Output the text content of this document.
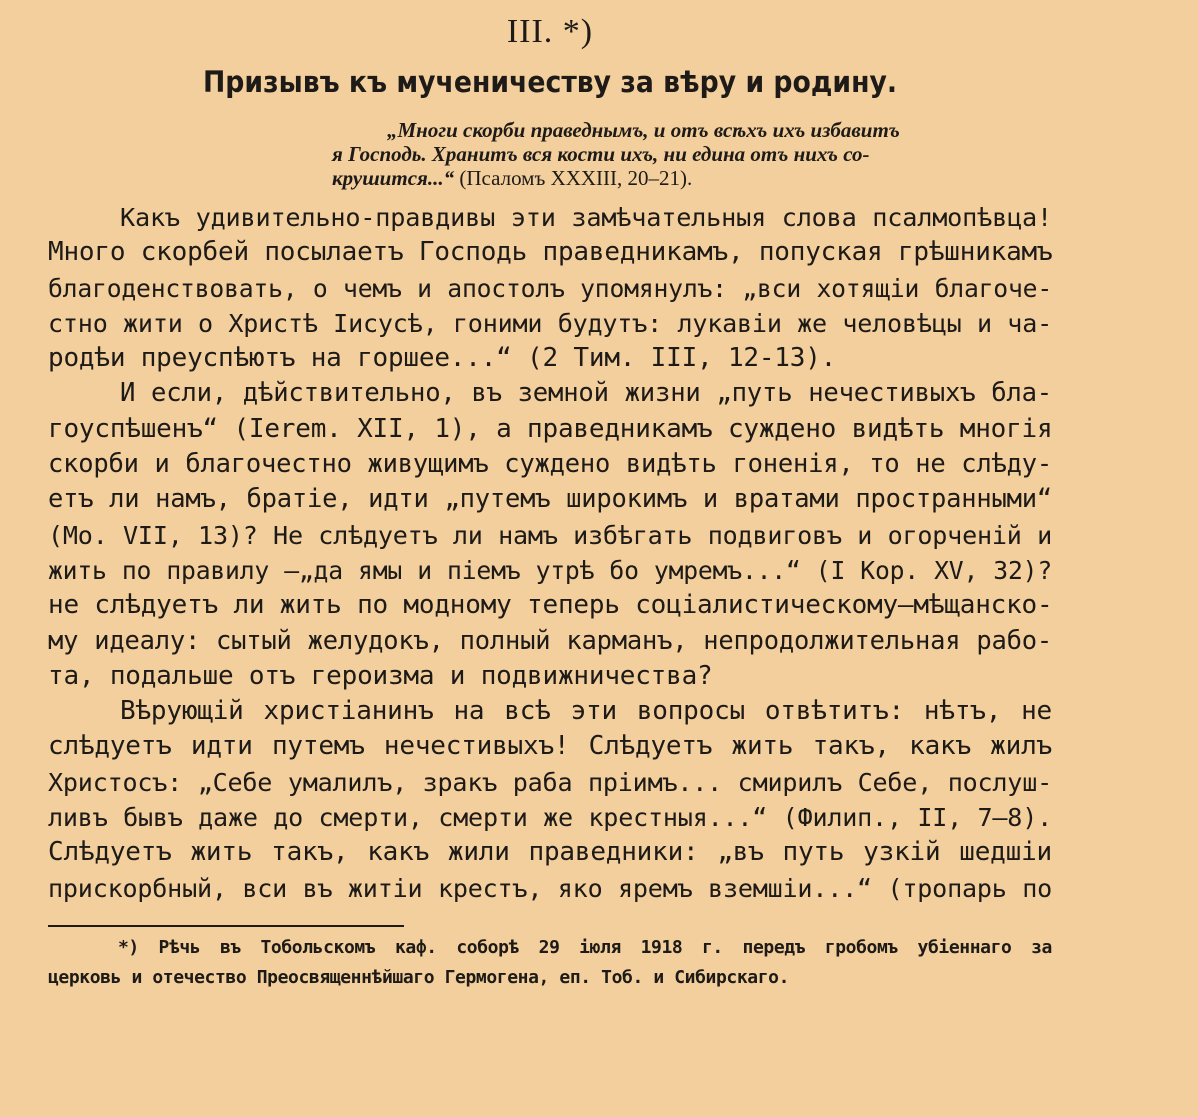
III. *)
Призывъ къ мученичеству за вѣру и родину.
„Многи скорби праведнымъ, и отъ всѣхъ ихъ избавитъ
я Господь. Хранитъ вся кости ихъ, ни едина отъ нихъ со-
крушится...“ (Псаломъ XXXIII, 20–21).
Какъ удивительно-правдивы эти замѣчательныя слова псалмопѣвца!
Много скорбей посылаетъ Господь праведникамъ, попуская грѣшникамъ
благоденствовать, о чемъ и апостолъ упомянулъ: „вси хотящіи благоче-
стно жити о Христѣ Іисусѣ, гоними будутъ: лукавіи же человѣцы и ча-
родѣи преуспѣютъ на горшее...“ (2 Тим. III, 12-13).
И если, дѣйствительно, въ земной жизни „путь нечестивыхъ бла-
гоуспѣшенъ“ (Ierem. XII, 1), а праведникамъ суждено видѣть многія
скорби и благочестно живущимъ суждено видѣть гоненія, то не слѣду-
етъ ли намъ, братіе, идти „путемъ широкимъ и вратами пространными“
(Мо. VII, 13)? Не слѣдуетъ ли намъ избѣгать подвиговъ и огорченій и
жить по правилу —„да ямы и піемъ утрѣ бо умремъ...“ (I Кор. XV, 32)?
не слѣдуетъ ли жить по модному теперь соціалистическому—мѣщанско-
му идеалу: сытый желудокъ, полный карманъ, непродолжительная рабо-
та, подальше отъ героизма и подвижничества?
Вѣрующій христіанинъ на всѣ эти вопросы отвѣтитъ: нѣтъ, не
слѣдуетъ идти путемъ нечестивыхъ! Слѣдуетъ жить такъ, какъ жилъ
Христосъ: „Себе умалилъ, зракъ раба пріимъ... смирилъ Себе, послуш-
ливъ бывъ даже до смерти, смерти же крестныя...“ (Филип., II, 7—8).
Слѣдуетъ жить такъ, какъ жили праведники: „въ путь узкій шедшіи
прискорбный, вси въ житіи крестъ, яко яремъ вземшіи...“ (тропарь по
*) Рѣчь въ Тобольскомъ каф. соборѣ 29 іюля 1918 г. передъ гробомъ убіеннаго за
церковь и отечество Преосвященнѣйшаго Гермогена, еп. Тоб. и Сибирскаго.
